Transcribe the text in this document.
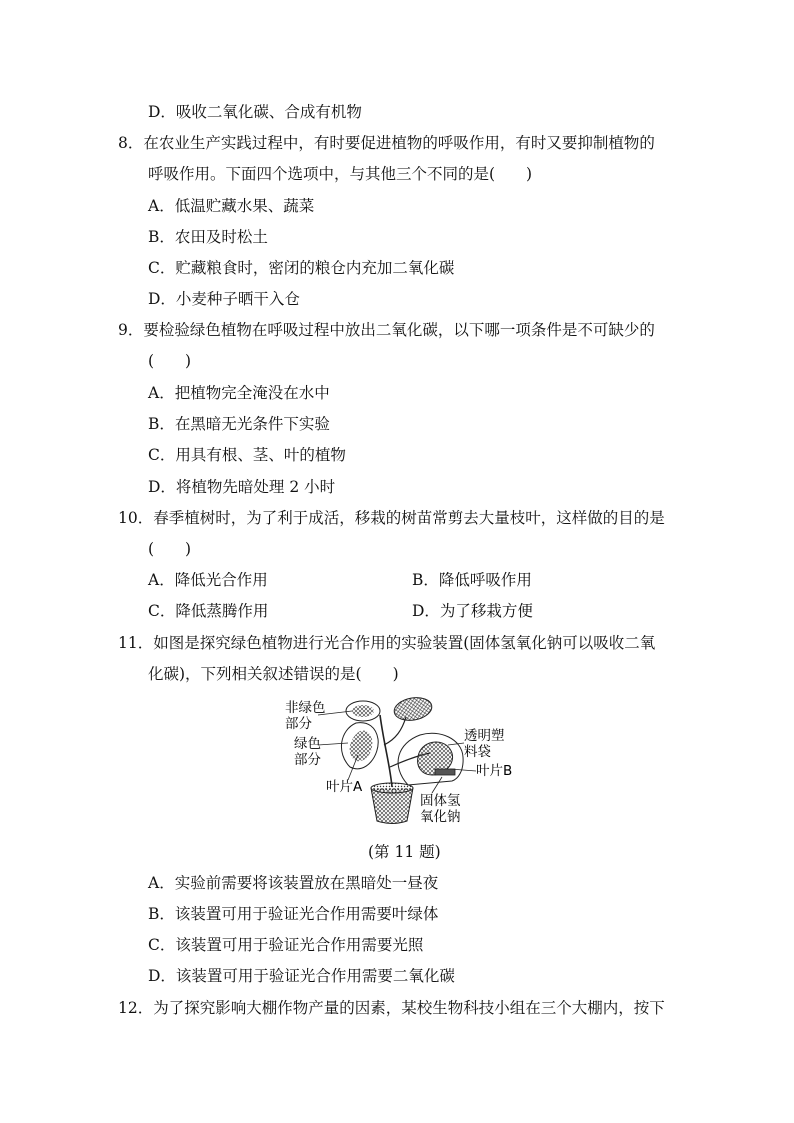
D．吸收二氧化碳、合成有机物
8．在农业生产实践过程中，有时要促进植物的呼吸作用，有时又要抑制植物的
呼吸作用。下面四个选项中，与其他三个不同的是(　　)
A．低温贮藏水果、蔬菜
B．农田及时松土
C．贮藏粮食时，密闭的粮仓内充加二氧化碳
D．小麦种子晒干入仓
9．要检验绿色植物在呼吸过程中放出二氧化碳，以下哪一项条件是不可缺少的
(　　)
A．把植物完全淹没在水中
B．在黑暗无光条件下实验
C．用具有根、茎、叶的植物
D．将植物先暗处理 2 小时
10．春季植树时，为了利于成活，移栽的树苗常剪去大量枝叶，这样做的目的是
(　　)
A．降低光合作用	B．降低呼吸作用
C．降低蒸腾作用	D．为了移栽方便
11．如图是探究绿色植物进行光合作用的实验装置(固体氢氧化钠可以吸收二氧
化碳)，下列相关叙述错误的是(　　)
非绿色
部分
绿色
部分
叶片A
透明塑
料袋
叶片B
固体氢
氧化钠
(第 11 题)
A．实验前需要将该装置放在黑暗处一昼夜
B．该装置可用于验证光合作用需要叶绿体
C．该装置可用于验证光合作用需要光照
D．该装置可用于验证光合作用需要二氧化碳
12．为了探究影响大棚作物产量的因素，某校生物科技小组在三个大棚内，按下
